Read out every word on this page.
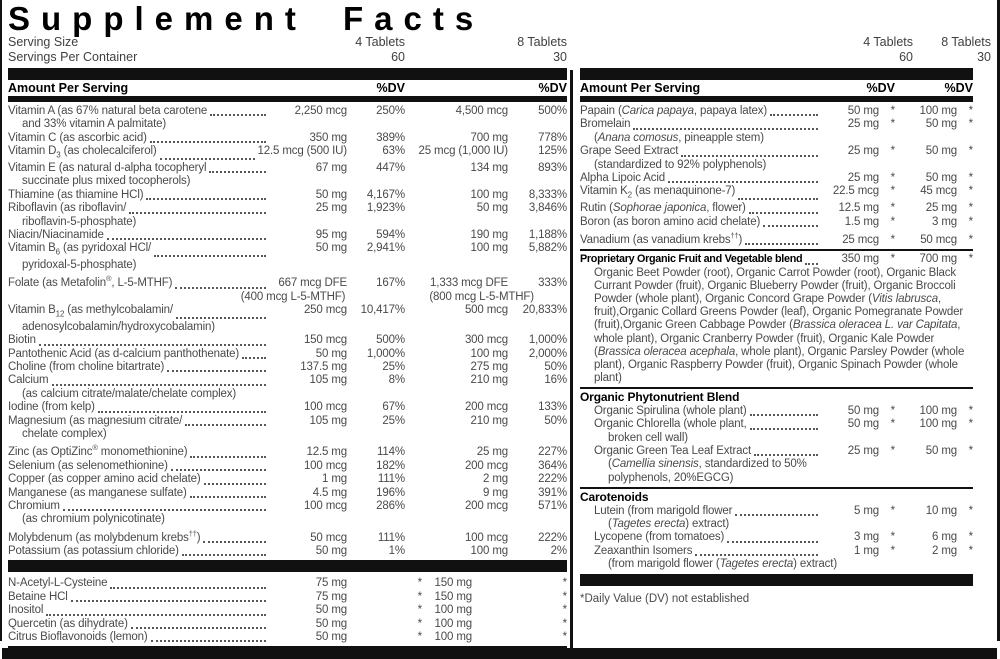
Supplement Facts
Serving Size	4 Tablets	8 Tablets
Servings Per Container	60	30
Amount Per Serving	%DV	%DV
Vitamin A (as 67% natural beta carotene	2,250 mcg	250%	4,500 mcg	500%
and 33% vitamin A palmitate)
Vitamin C (as ascorbic acid)	350 mg	389%	700 mg	778%
Vitamin $D_3$ (as cholecalciferol)	12.5 mcg (500 IU)	63% 25 mcg (1,000 IU)	125%
Vitamin E (as natural d-alpha tocopheryl	67 mg	447%	134 mg	893%
succinate plus mixed tocopherols)
Thiamine (as thiamine HCl)	50 mg 4,167%	100 mg 8,333%
Riboflavin (as riboflavin/	25 mg 1,923%	50 mg 3,846%
riboflavin-5-phosphate)
Niacin/Niacinamide	95 mg	594%	190 mg 1,188%
Vitamin $B_6$ (as pyridoxal HCl/	50 mg 2,941%	100 mg 5,882%
pyridoxal-5-phosphate)
Folate (as Metafolin®, L-5-MTHF)	667 mcg DFE	167% 1,333 mcg DFE	333%
(400 mcg L-5-MTHF)	(800 mcg L-5-MTHF)
Vitamin $B_{12}$ (as methylcobalamin/	250 mcg 10,417%	500 mcg 20,833%
adenosylcobalamin/hydroxycobalamin)
Biotin	150 mcg	500%	300 mcg 1,000%
Pantothenic Acid (as d-calcium panthothenate)	50 mg 1,000%	100 mg 2,000%
Choline (from choline bitartrate)	137.5 mg	25%	275 mg	50%
Calcium	105 mg	8%	210 mg	16%
(as calcium citrate/malate/chelate complex)
Iodine (from kelp)	100 mcg	67%	200 mcg	133%
Magnesium (as magnesium citrate/	105 mg	25%	210 mg	50%
chelate complex)
Zinc (as OptiZinc® monomethionine)	12.5 mg	114%	25 mg	227%
Selenium (as selenomethionine)	100 mcg	182%	200 mcg	364%
Copper (as copper amino acid chelate)	1 mg	111%	2 mg	222%
Manganese (as manganese sulfate)	4.5 mg	196%	9 mg	391%
Chromium	100 mcg	286%	200 mcg	571%
(as chromium polynicotinate)
Molybdenum (as molybdenum krebs††)	50 mcg	111%	100 mcg	222%
Potassium (as potassium chloride)	50 mg	1%	100 mg	2%
N-Acetyl-L-Cysteine	75 mg	* 150 mg	*
Betaine HCl	75 mg	* 150 mg	*
Inositol	50 mg	* 100 mg	*
Quercetin (as dihydrate)	50 mg	* 100 mg	*
Citrus Bioflavonoids (lemon)	50 mg	* 100 mg	*
4 Tablets	8 Tablets
60	30
Amount Per Serving	%DV	%DV
Papain (Carica papaya, papaya latex)	50 mg * 100 mg *
Bromelain	25 mg *	50 mg *
(Anana comosus, pineapple stem)
Grape Seed Extract	25 mg *	50 mg *
(standardized to 92% polyphenols)
Alpha Lipoic Acid	25 mg *	50 mg *
Vitamin $K_2$ (as menaquinone-7)	22.5 mcg * 45 mcg *
Rutin (Sophorae japonica, flower)	12.5 mg *	25 mg *
Boron (as boron amino acid chelate)	1.5 mg *	3 mg *
Vanadium (as vanadium krebs††)	25 mcg * 50 mcg *
Proprietary Organic Fruit and Vegetable blend	350 mg * 700 mg *
Organic Beet Powder (root), Organic Carrot Powder (root), Organic Black Currant Powder (fruit), Organic Blueberry Powder (fruit), Organic Broccoli Powder (whole plant), Organic Concord Grape Powder (Vitis labrusca, fruit),Organic Collard Greens Powder (leaf), Organic Pomegranate Powder (fruit),Organic Green Cabbage Powder (Brassica oleracea L. var Capitata, whole plant), Organic Cranberry Powder (fruit), Organic Kale Powder (Brassica oleracea acephala, whole plant), Organic Parsley Powder (whole plant), Organic Raspberry Powder (fruit), Organic Spinach Powder (whole plant)
Organic Phytonutrient Blend
Organic Spirulina (whole plant)	50 mg * 100 mg *
Organic Chlorella (whole plant,	50 mg * 100 mg *
broken cell wall)
Organic Green Tea Leaf Extract	25 mg *	50 mg *
(Camellia sinensis, standardized to 50%
polyphenols, 20%EGCG)
Carotenoids
Lutein (from marigold flower	5 mg *	10 mg *
(Tagetes erecta) extract)
Lycopene (from tomatoes)	3 mg *	6 mg *
Zeaxanthin Isomers	1 mg *	2 mg *
(from marigold flower (Tagetes erecta) extract)
*Daily Value (DV) not established
